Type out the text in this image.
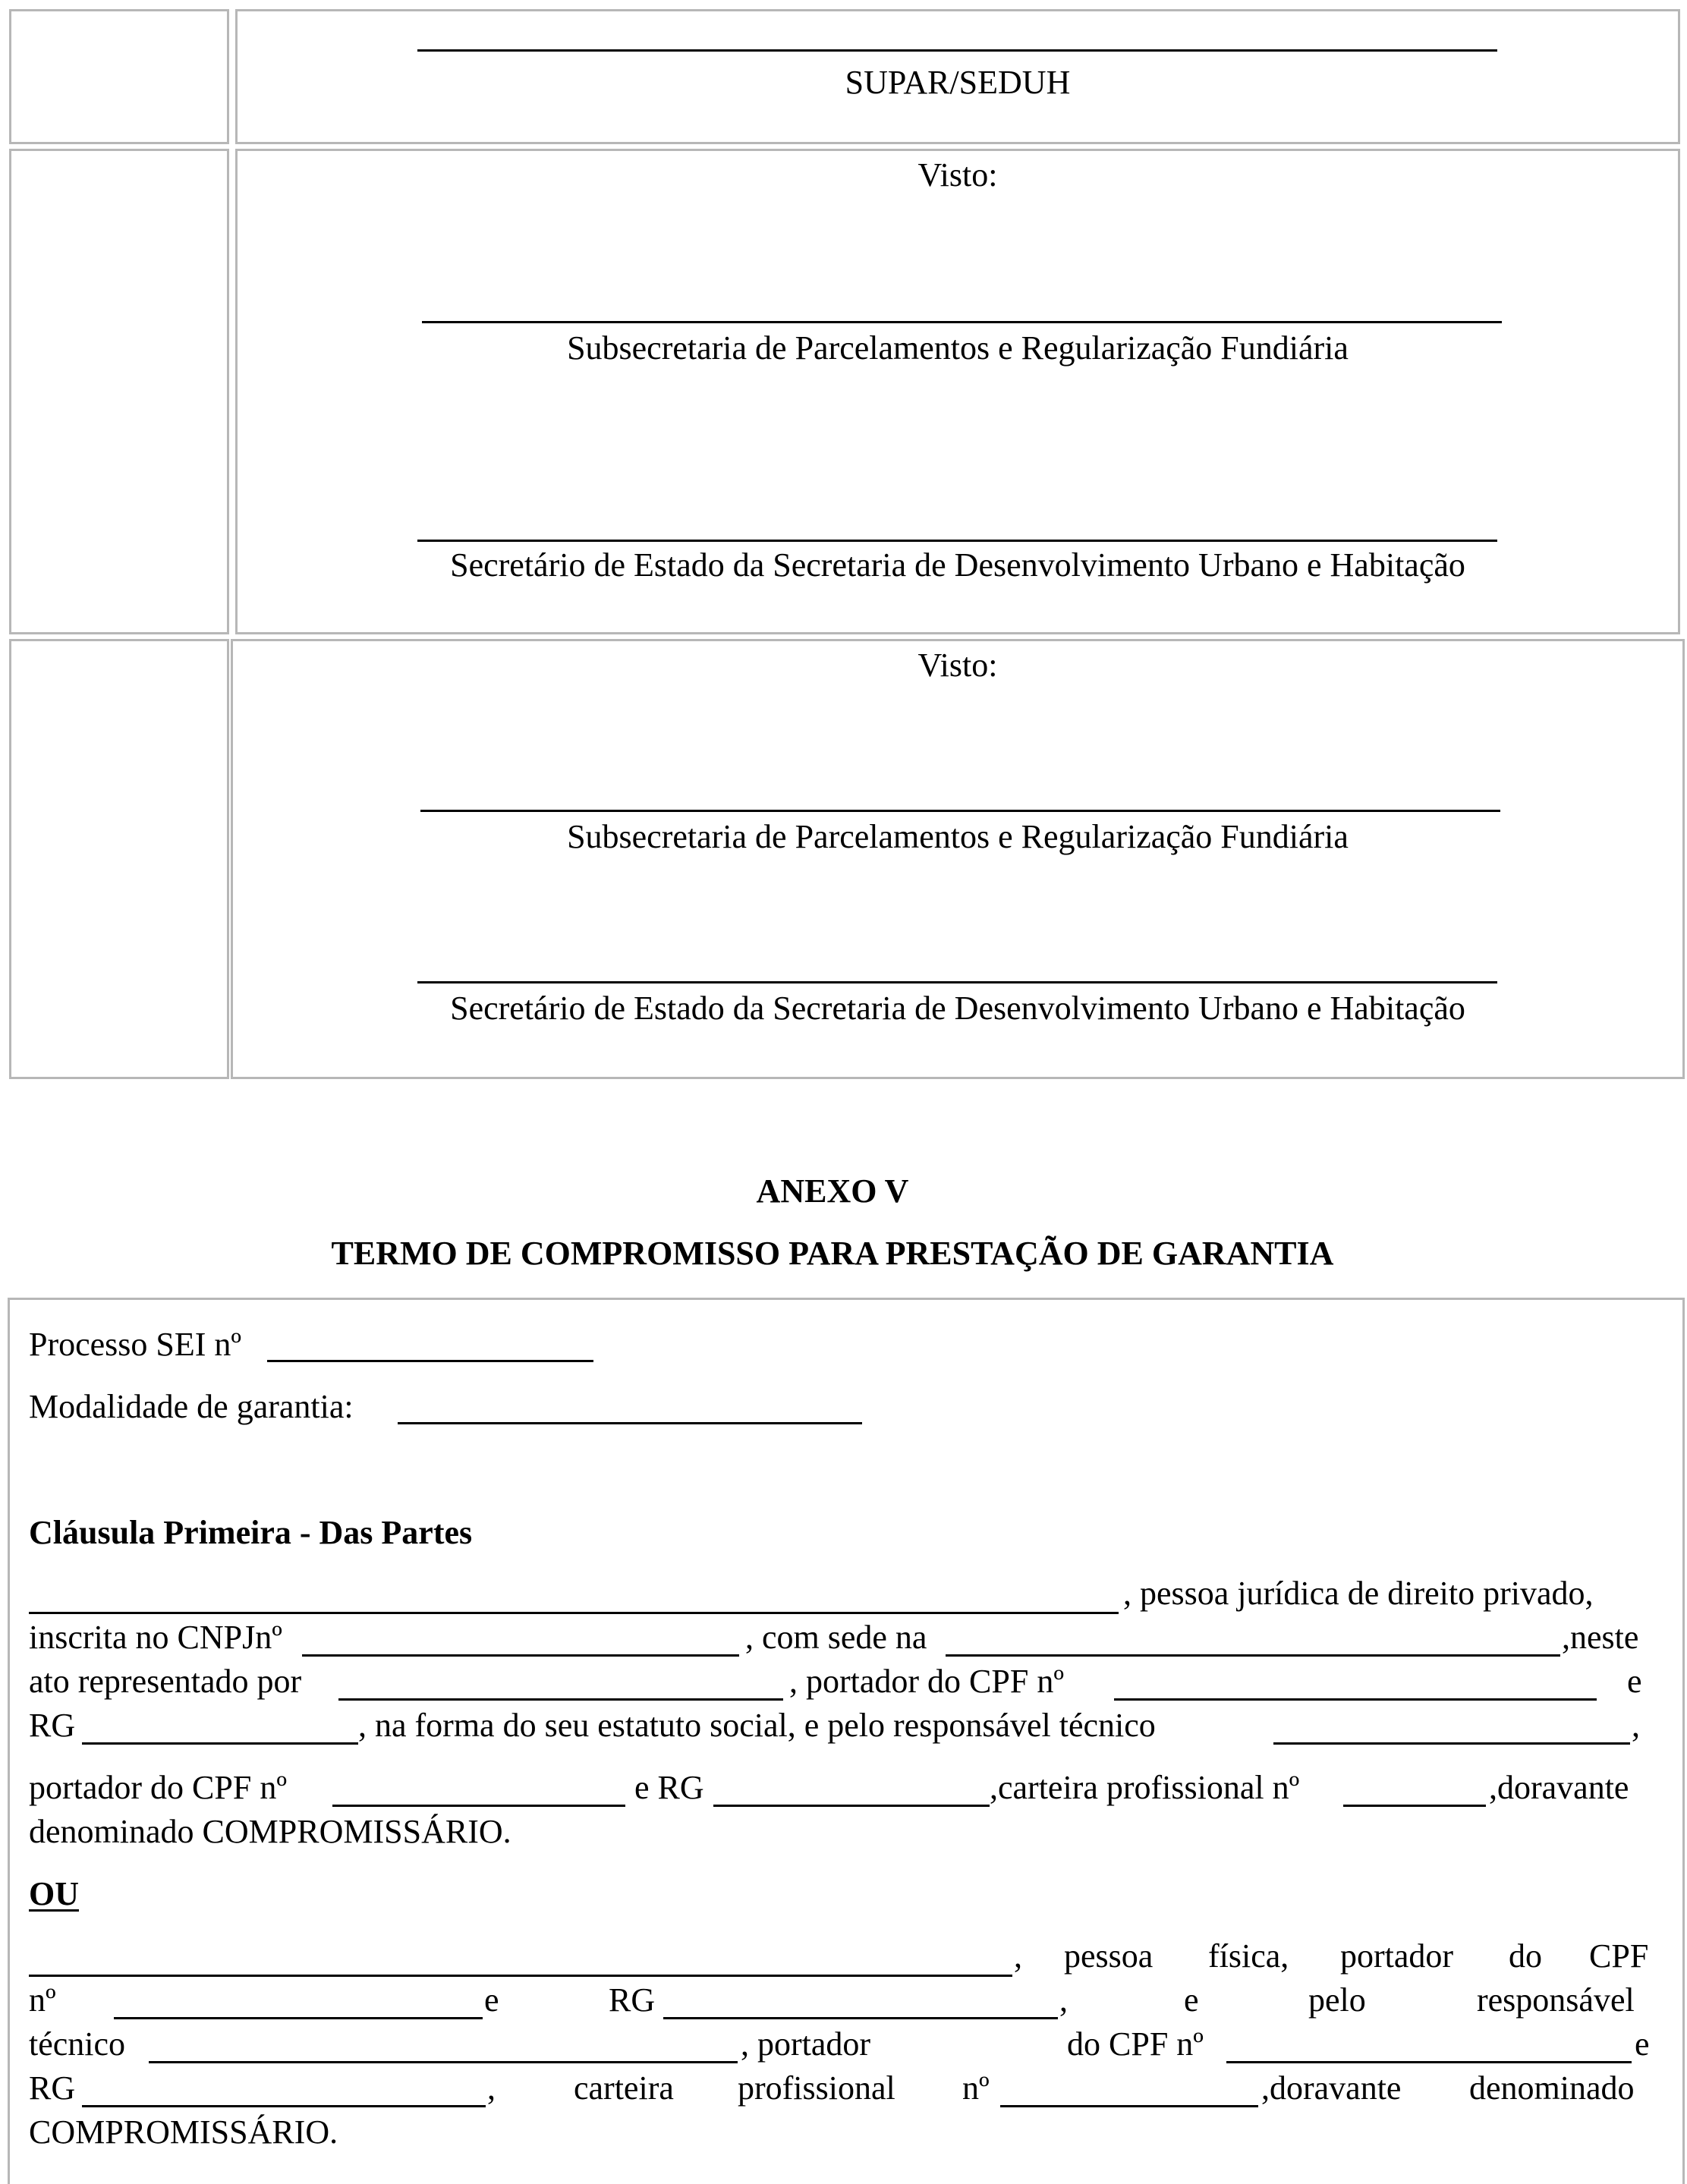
SUPAR/SEDUH
Visto:
Subsecretaria de Parcelamentos e Regularização Fundiária
Secretário de Estado da Secretaria de Desenvolvimento Urbano e Habitação
Visto:
Subsecretaria de Parcelamentos e Regularização Fundiária
Secretário de Estado da Secretaria de Desenvolvimento Urbano e Habitação
ANEXO V
TERMO DE COMPROMISSO PARA PRESTAÇÃO DE GARANTIA
Processo SEI nº
Modalidade de garantia:
Cláusula Primeira - Das Partes
, pessoa jurídica de direito privado,
inscrita no CNPJnº	, com sede na	,neste
ato representado por	, portador do CPF nº	e
RG	, na forma do seu estatuto social, e pelo responsável técnico	,
portador do CPF nº	e RG	,carteira profissional nº	,doravante
denominado COMPROMISSÁRIO.
OU
, pessoa física, portador do CPF
nº	e	RG	,	e	pelo	responsável
técnico	, portador	do CPF nº	e
RG	, carteira profissional nº	,doravante denominado
COMPROMISSÁRIO.
